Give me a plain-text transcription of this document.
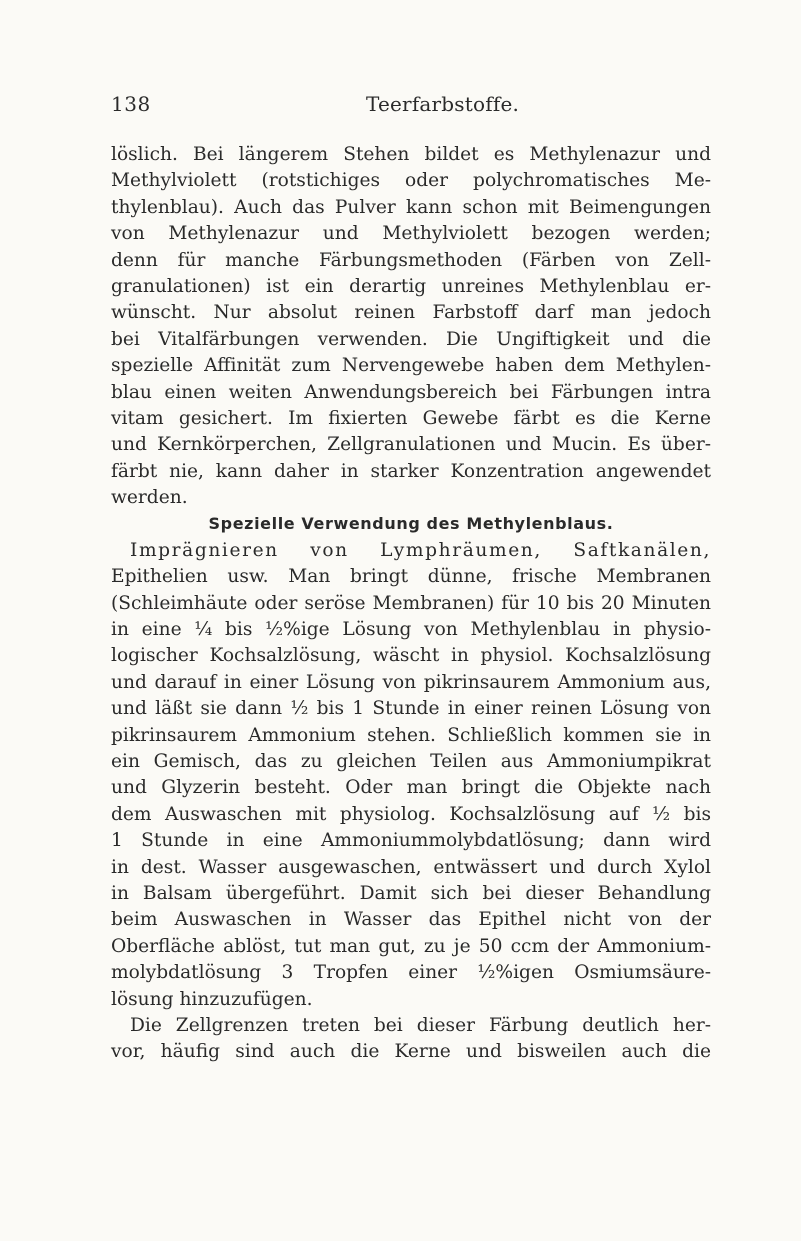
138	Teerfarbstoffe.
löslich. Bei längerem Stehen bildet es Methylenazur und
Methylviolett (rotstichiges oder polychromatisches Me-
thylenblau). Auch das Pulver kann schon mit Beimengungen
von Methylenazur und Methylviolett bezogen werden;
denn für manche Färbungsmethoden (Färben von Zell-
granulationen) ist ein derartig unreines Methylenblau er-
wünscht. Nur absolut reinen Farbstoff darf man jedoch
bei Vitalfärbungen verwenden. Die Ungiftigkeit und die
spezielle Affinität zum Nervengewebe haben dem Methylen-
blau einen weiten Anwendungsbereich bei Färbungen intra
vitam gesichert. Im fixierten Gewebe färbt es die Kerne
und Kernkörperchen, Zellgranulationen und Mucin. Es über-
färbt nie, kann daher in starker Konzentration angewendet
werden.
Spezielle Verwendung des Methylenblaus.
Imprägnieren von Lymphräumen, Saftkanälen,
Epithelien usw. Man bringt dünne, frische Membranen
(Schleimhäute oder seröse Membranen) für 10 bis 20 Minuten
in eine ¼ bis ½%ige Lösung von Methylenblau in physio-
logischer Kochsalzlösung, wäscht in physiol. Kochsalzlösung
und darauf in einer Lösung von pikrinsaurem Ammonium aus,
und läßt sie dann ½ bis 1 Stunde in einer reinen Lösung von
pikrinsaurem Ammonium stehen. Schließlich kommen sie in
ein Gemisch, das zu gleichen Teilen aus Ammoniumpikrat
und Glyzerin besteht. Oder man bringt die Objekte nach
dem Auswaschen mit physiolog. Kochsalzlösung auf ½ bis
1 Stunde in eine Ammoniummolybdatlösung; dann wird
in dest. Wasser ausgewaschen, entwässert und durch Xylol
in Balsam übergeführt. Damit sich bei dieser Behandlung
beim Auswaschen in Wasser das Epithel nicht von der
Oberfläche ablöst, tut man gut, zu je 50 ccm der Ammonium-
molybdatlösung 3 Tropfen einer ½%igen Osmiumsäure-
lösung hinzuzufügen.
Die Zellgrenzen treten bei dieser Färbung deutlich her-
vor, häufig sind auch die Kerne und bisweilen auch die
